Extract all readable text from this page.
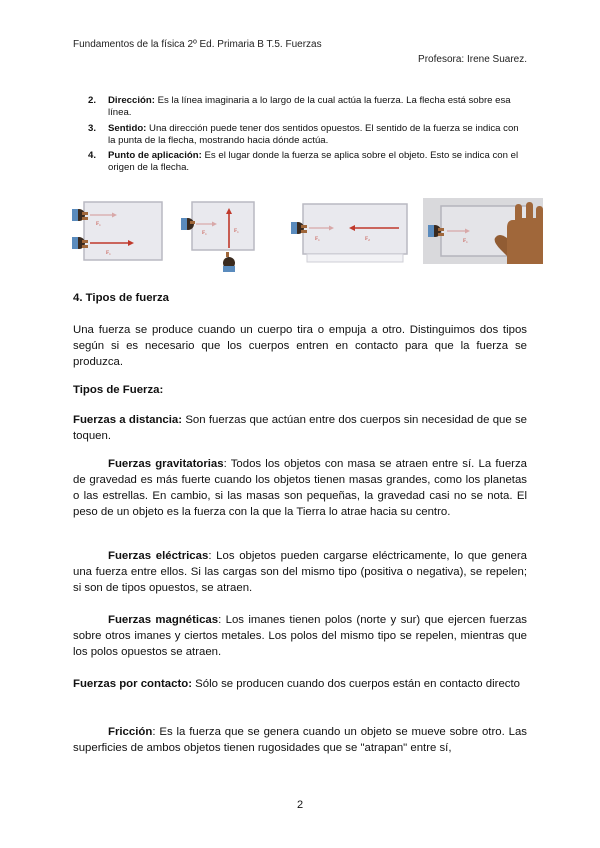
Fundamentos de la física 2º Ed. Primaria B T.5. Fuerzas
Profesora: Irene Suarez.
2. Dirección: Es la línea imaginaria a lo largo de la cual actúa la fuerza. La flecha está sobre esa línea.
3. Sentido: Una dirección puede tener dos sentidos opuestos. El sentido de la fuerza se indica con la punta de la flecha, mostrando hacia dónde actúa.
4. Punto de aplicación: Es el lugar donde la fuerza se aplica sobre el objeto. Esto se indica con el origen de la flecha.
F₁
F₁
F₁	F₁
F₁	F₂	F₁
4. Tipos de fuerza
Una fuerza se produce cuando un cuerpo tira o empuja a otro. Distinguimos dos tipos según si es necesario que los cuerpos entren en contacto para que la fuerza se produzca.
Tipos de Fuerza:
Fuerzas a distancia: Son fuerzas que actúan entre dos cuerpos sin necesidad de que se toquen.
Fuerzas gravitatorias: Todos los objetos con masa se atraen entre sí. La fuerza de gravedad es más fuerte cuando los objetos tienen masas grandes, como los planetas o las estrellas. En cambio, si las masas son pequeñas, la gravedad casi no se nota. El peso de un objeto es la fuerza con la que la Tierra lo atrae hacia su centro.
Fuerzas eléctricas: Los objetos pueden cargarse eléctricamente, lo que genera una fuerza entre ellos. Si las cargas son del mismo tipo (positiva o negativa), se repelen; si son de tipos opuestos, se atraen.
Fuerzas magnéticas: Los imanes tienen polos (norte y sur) que ejercen fuerzas sobre otros imanes y ciertos metales. Los polos del mismo tipo se repelen, mientras que los polos opuestos se atraen.
Fuerzas por contacto: Sólo se producen cuando dos cuerpos están en contacto directo
Fricción: Es la fuerza que se genera cuando un objeto se mueve sobre otro. Las superficies de ambos objetos tienen rugosidades que se "atrapan" entre sí,
2
